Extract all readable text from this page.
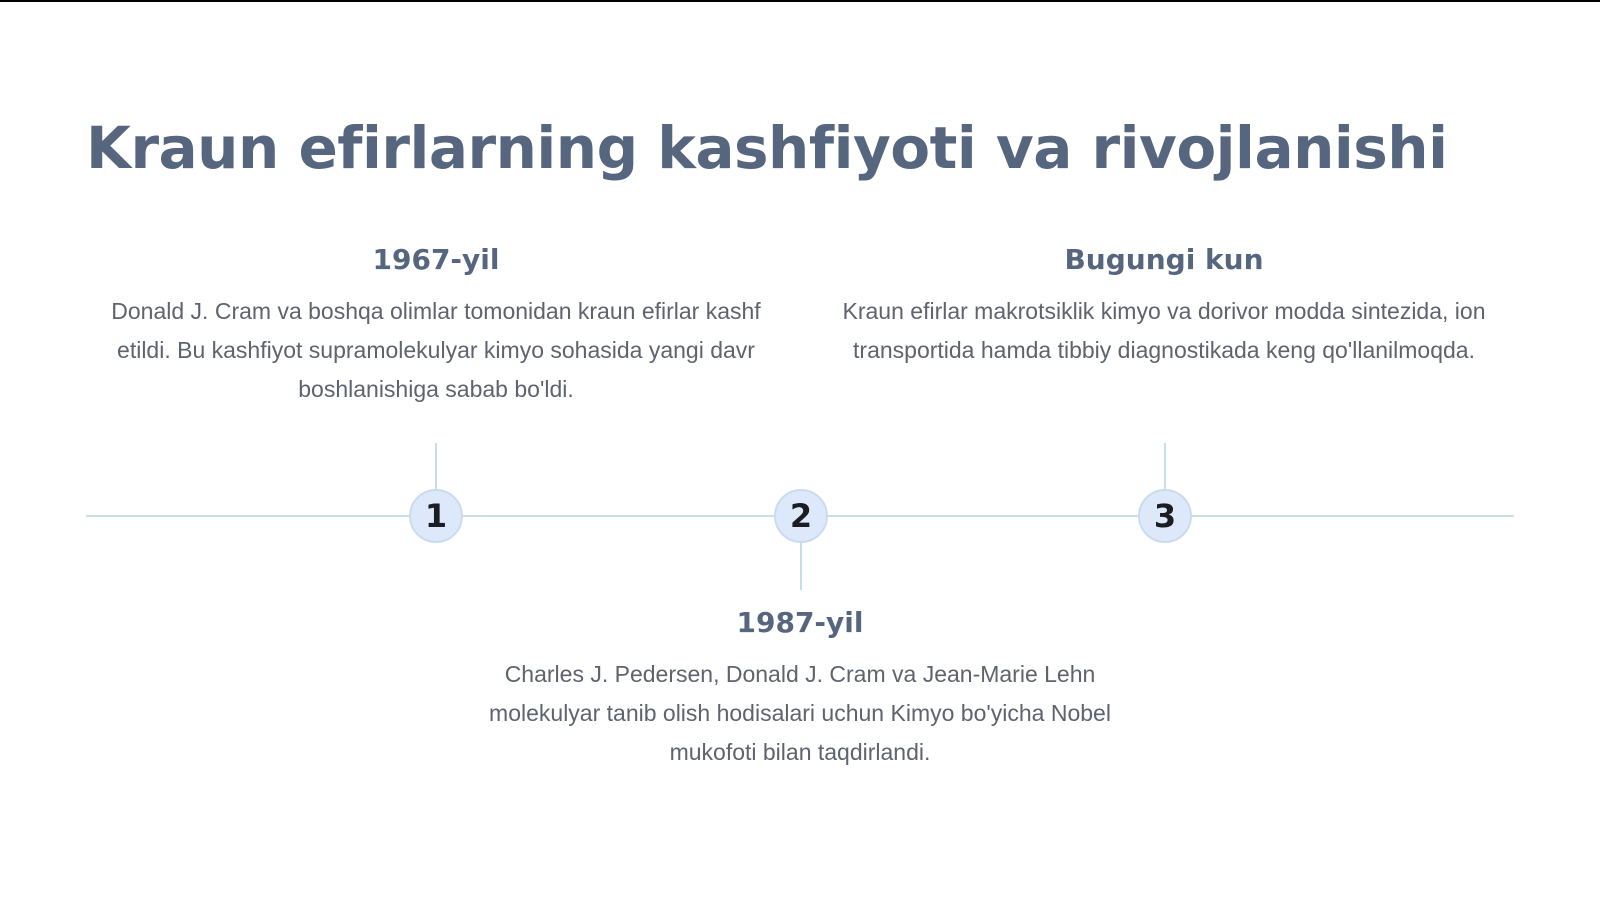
Kraun efirlarning kashfiyoti va rivojlanishi
1967-yil

Donald J. Cram va boshqa olimlar tomonidan kraun efirlar kashf etildi. Bu kashfiyot supramolekulyar kimyo sohasida yangi davr boshlanishiga sabab bo'ldi.

Bugungi kun

Kraun efirlar makrotsiklik kimyo va dorivor modda sintezida, ion transportida hamda tibbiy diagnostikada keng qo'llanilmoqda.

1	2	3
1987-yil

Charles J. Pedersen, Donald J. Cram va Jean-Marie Lehn molekulyar tanib olish hodisalari uchun Kimyo bo'yicha Nobel mukofoti bilan taqdirlandi.
